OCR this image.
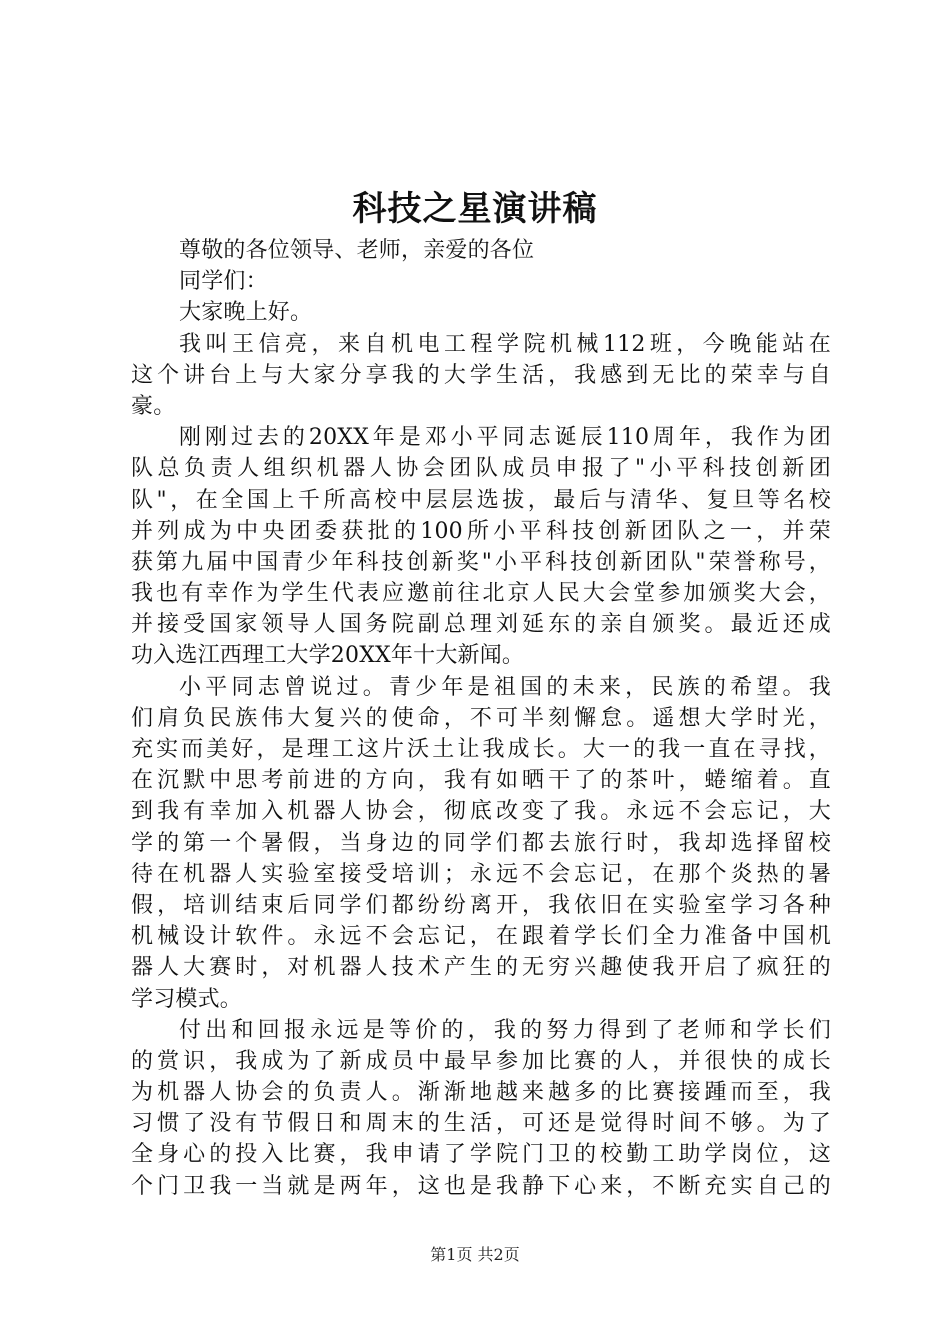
科技之星演讲稿
尊敬的各位领导、老师，亲爱的各位
同学们：
大家晚上好。
我叫王信亮，来自机电工程学院机械112班，今晚能站在
这个讲台上与大家分享我的大学生活，我感到无比的荣幸与自
豪。
刚刚过去的20XX年是邓小平同志诞辰110周年，我作为团
队总负责人组织机器人协会团队成员申报了"小平科技创新团
队"，在全国上千所高校中层层选拔，最后与清华、复旦等名校
并列成为中央团委获批的100所小平科技创新团队之一，并荣
获第九届中国青少年科技创新奖"小平科技创新团队"荣誉称号，
我也有幸作为学生代表应邀前往北京人民大会堂参加颁奖大会，
并接受国家领导人国务院副总理刘延东的亲自颁奖。最近还成
功入选江西理工大学20XX年十大新闻。
小平同志曾说过。青少年是祖国的未来，民族的希望。我
们肩负民族伟大复兴的使命，不可半刻懈怠。遥想大学时光，
充实而美好，是理工这片沃土让我成长。大一的我一直在寻找，
在沉默中思考前进的方向，我有如晒干了的茶叶，蜷缩着。直
到我有幸加入机器人协会，彻底改变了我。永远不会忘记，大
学的第一个暑假，当身边的同学们都去旅行时，我却选择留校
待在机器人实验室接受培训；永远不会忘记，在那个炎热的暑
假，培训结束后同学们都纷纷离开，我依旧在实验室学习各种
机械设计软件。永远不会忘记，在跟着学长们全力准备中国机
器人大赛时，对机器人技术产生的无穷兴趣使我开启了疯狂的
学习模式。
付出和回报永远是等价的，我的努力得到了老师和学长们
的赏识，我成为了新成员中最早参加比赛的人，并很快的成长
为机器人协会的负责人。渐渐地越来越多的比赛接踵而至，我
习惯了没有节假日和周末的生活，可还是觉得时间不够。为了
全身心的投入比赛，我申请了学院门卫的校勤工助学岗位，这
个门卫我一当就是两年，这也是我静下心来，不断充实自己的
第1页 共2页
